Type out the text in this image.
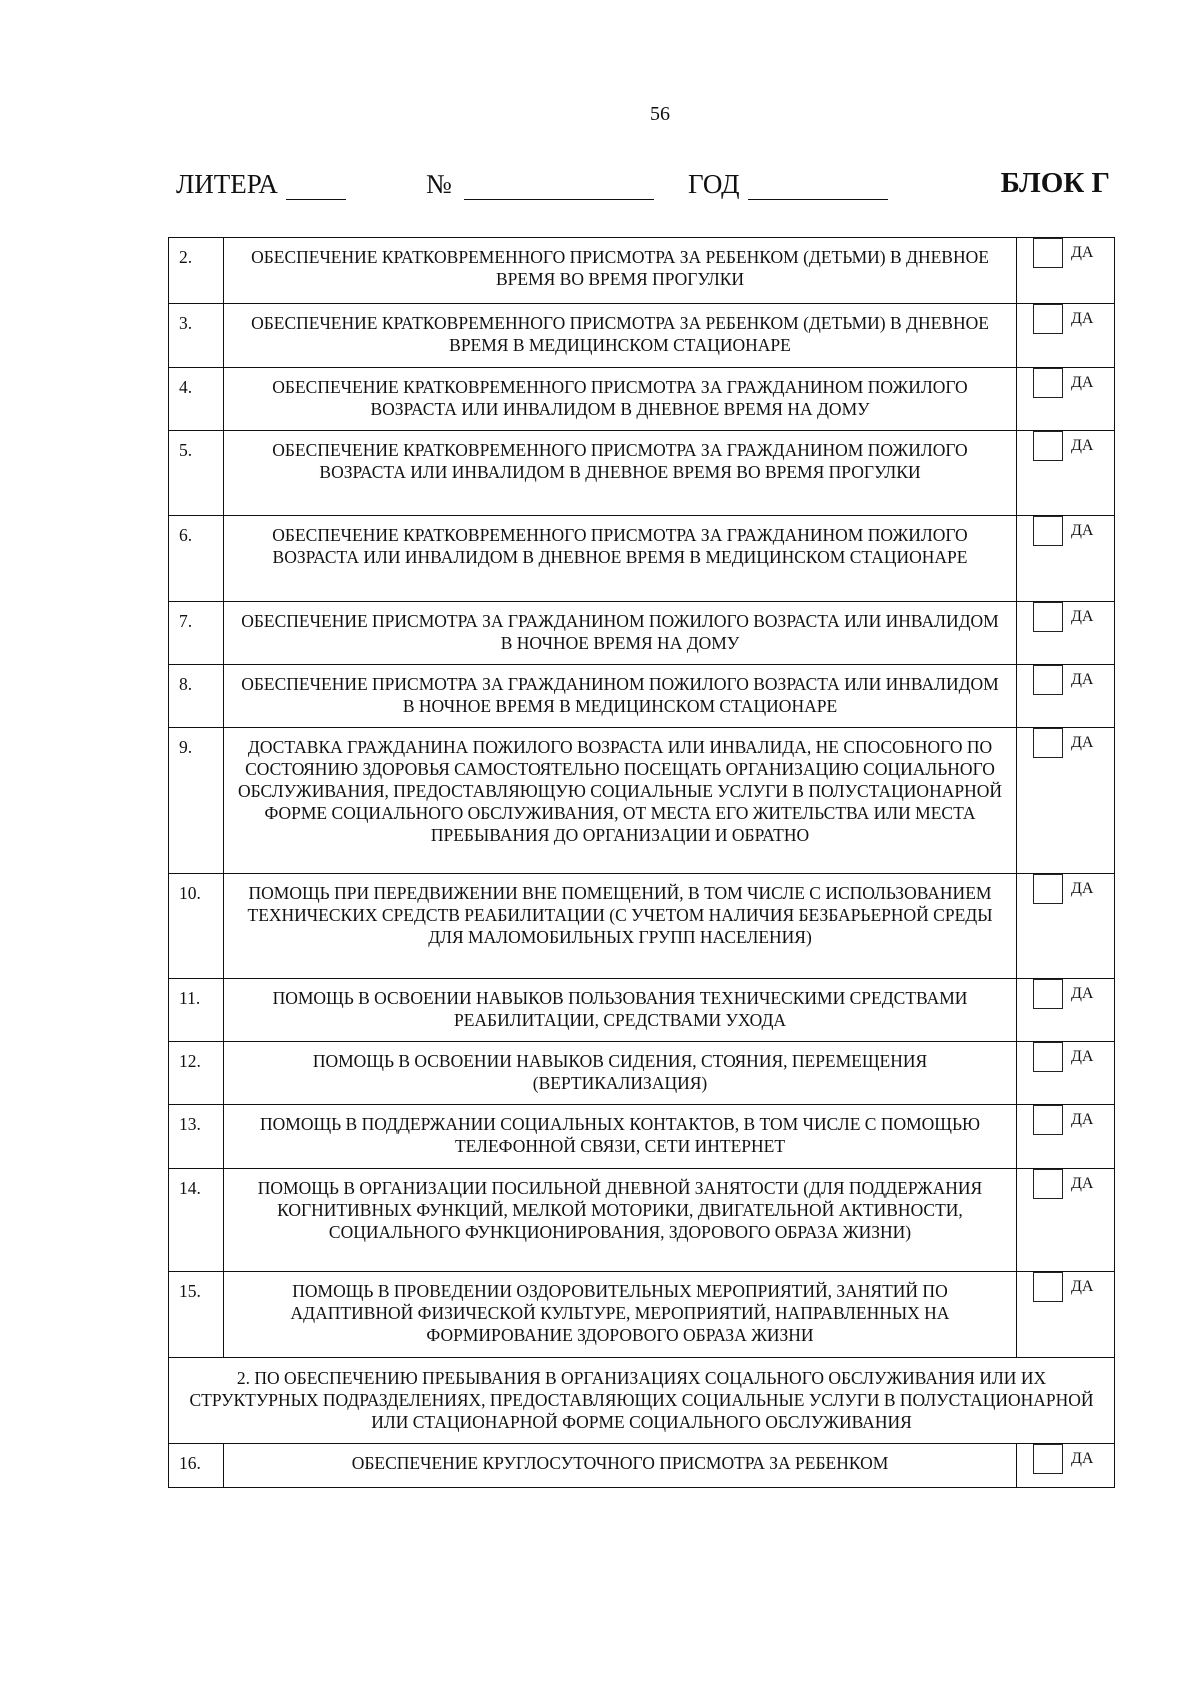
56
ЛИТЕРА	№	ГОД	БЛОК Г
2.	ОБЕСПЕЧЕНИЕ КРАТКОВРЕМЕННОГО ПРИСМОТРА ЗА РЕБЕНКОМ (ДЕТЬМИ) В ДНЕВНОЕ ВРЕМЯ ВО ВРЕМЯ ПРОГУЛКИ	ДА
3.	ОБЕСПЕЧЕНИЕ КРАТКОВРЕМЕННОГО ПРИСМОТРА ЗА РЕБЕНКОМ (ДЕТЬМИ) В ДНЕВНОЕ ВРЕМЯ В МЕДИЦИНСКОМ СТАЦИОНАРЕ	ДА
4.	ОБЕСПЕЧЕНИЕ КРАТКОВРЕМЕННОГО ПРИСМОТРА ЗА ГРАЖДАНИНОМ ПОЖИЛОГО ВОЗРАСТА ИЛИ ИНВАЛИДОМ В ДНЕВНОЕ ВРЕМЯ НА ДОМУ	ДА
5.	ОБЕСПЕЧЕНИЕ КРАТКОВРЕМЕННОГО ПРИСМОТРА ЗА ГРАЖДАНИНОМ ПОЖИЛОГО ВОЗРАСТА ИЛИ ИНВАЛИДОМ В ДНЕВНОЕ ВРЕМЯ ВО ВРЕМЯ ПРОГУЛКИ	ДА
6.	ОБЕСПЕЧЕНИЕ КРАТКОВРЕМЕННОГО ПРИСМОТРА ЗА ГРАЖДАНИНОМ ПОЖИЛОГО ВОЗРАСТА ИЛИ ИНВАЛИДОМ В ДНЕВНОЕ ВРЕМЯ В МЕДИЦИНСКОМ СТАЦИОНАРЕ	ДА
7.	ОБЕСПЕЧЕНИЕ ПРИСМОТРА ЗА ГРАЖДАНИНОМ ПОЖИЛОГО ВОЗРАСТА ИЛИ ИНВАЛИДОМ В НОЧНОЕ ВРЕМЯ НА ДОМУ	ДА
8.	ОБЕСПЕЧЕНИЕ ПРИСМОТРА ЗА ГРАЖДАНИНОМ ПОЖИЛОГО ВОЗРАСТА ИЛИ ИНВАЛИДОМ В НОЧНОЕ ВРЕМЯ В МЕДИЦИНСКОМ СТАЦИОНАРЕ	ДА
9.	ДОСТАВКА ГРАЖДАНИНА ПОЖИЛОГО ВОЗРАСТА ИЛИ ИНВАЛИДА, НЕ СПОСОБНОГО ПО СОСТОЯНИЮ ЗДОРОВЬЯ САМОСТОЯТЕЛЬНО ПОСЕЩАТЬ ОРГАНИЗАЦИЮ СОЦИАЛЬНОГО ОБСЛУЖИВАНИЯ, ПРЕДОСТАВЛЯЮЩУЮ СОЦИАЛЬНЫЕ УСЛУГИ В ПОЛУСТАЦИОНАРНОЙ ФОРМЕ СОЦИАЛЬНОГО ОБСЛУЖИВАНИЯ, ОТ МЕСТА ЕГО ЖИТЕЛЬСТВА ИЛИ МЕСТА ПРЕБЫВАНИЯ ДО ОРГАНИЗАЦИИ И ОБРАТНО	ДА
10.	ПОМОЩЬ ПРИ ПЕРЕДВИЖЕНИИ ВНЕ ПОМЕЩЕНИЙ, В ТОМ ЧИСЛЕ С ИСПОЛЬЗОВАНИЕМ ТЕХНИЧЕСКИХ СРЕДСТВ РЕАБИЛИТАЦИИ (С УЧЕТОМ НАЛИЧИЯ БЕЗБАРЬЕРНОЙ СРЕДЫ ДЛЯ МАЛОМОБИЛЬНЫХ ГРУПП НАСЕЛЕНИЯ)	ДА
11.	ПОМОЩЬ В ОСВОЕНИИ НАВЫКОВ ПОЛЬЗОВАНИЯ ТЕХНИЧЕСКИМИ СРЕДСТВАМИ РЕАБИЛИТАЦИИ, СРЕДСТВАМИ УХОДА	ДА
12.	ПОМОЩЬ В ОСВОЕНИИ НАВЫКОВ СИДЕНИЯ, СТОЯНИЯ, ПЕРЕМЕЩЕНИЯ (ВЕРТИКАЛИЗАЦИЯ)	ДА
13.	ПОМОЩЬ В ПОДДЕРЖАНИИ СОЦИАЛЬНЫХ КОНТАКТОВ, В ТОМ ЧИСЛЕ С ПОМОЩЬЮ ТЕЛЕФОННОЙ СВЯЗИ, СЕТИ ИНТЕРНЕТ	ДА
14.	ПОМОЩЬ В ОРГАНИЗАЦИИ ПОСИЛЬНОЙ ДНЕВНОЙ ЗАНЯТОСТИ (ДЛЯ ПОДДЕРЖАНИЯ КОГНИТИВНЫХ ФУНКЦИЙ, МЕЛКОЙ МОТОРИКИ, ДВИГАТЕЛЬНОЙ АКТИВНОСТИ, СОЦИАЛЬНОГО ФУНКЦИОНИРОВАНИЯ, ЗДОРОВОГО ОБРАЗА ЖИЗНИ)	ДА
15.	ПОМОЩЬ В ПРОВЕДЕНИИ ОЗДОРОВИТЕЛЬНЫХ МЕРОПРИЯТИЙ, ЗАНЯТИЙ ПО АДАПТИВНОЙ ФИЗИЧЕСКОЙ КУЛЬТУРЕ, МЕРОПРИЯТИЙ, НАПРАВЛЕННЫХ НА ФОРМИРОВАНИЕ ЗДОРОВОГО ОБРАЗА ЖИЗНИ	ДА
2. ПО ОБЕСПЕЧЕНИЮ ПРЕБЫВАНИЯ В ОРГАНИЗАЦИЯХ СОЦАЛЬНОГО ОБСЛУЖИВАНИЯ ИЛИ ИХ СТРУКТУРНЫХ ПОДРАЗДЕЛЕНИЯХ, ПРЕДОСТАВЛЯЮЩИХ СОЦИАЛЬНЫЕ УСЛУГИ В ПОЛУСТАЦИОНАРНОЙ ИЛИ СТАЦИОНАРНОЙ ФОРМЕ СОЦИАЛЬНОГО ОБСЛУЖИВАНИЯ		
16.	ОБЕСПЕЧЕНИЕ КРУГЛОСУТОЧНОГО ПРИСМОТРА ЗА РЕБЕНКОМ	ДА
